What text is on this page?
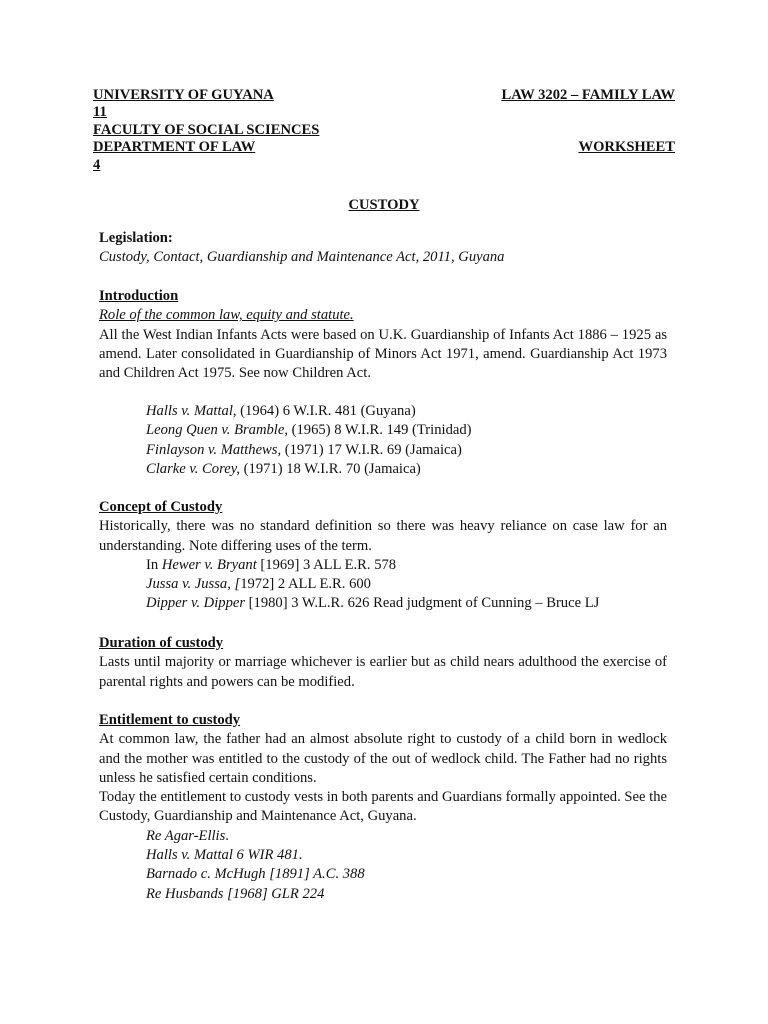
UNIVERSITY OF GUYANA	LAW 3202 – FAMILY LAW
11
FACULTY OF SOCIAL SCIENCES
DEPARTMENT OF LAW	WORKSHEET
4
CUSTODY

Legislation:

Custody, Contact, Guardianship and Maintenance Act, 2011, Guyana

Introduction

Role of the common law, equity and statute.

All the West Indian Infants Acts were based on U.K. Guardianship of Infants Act 1886 – 1925 as amend. Later consolidated in Guardianship of Minors Act 1971, amend. Guardianship Act 1973 and Children Act 1975. See now Children Act.

Halls v. Mattal, (1964) 6 W.I.R. 481 (Guyana)

Leong Quen v. Bramble, (1965) 8 W.I.R. 149 (Trinidad)

Finlayson v. Matthews, (1971) 17 W.I.R. 69 (Jamaica)

Clarke v. Corey, (1971) 18 W.I.R. 70 (Jamaica)

Concept of Custody

Historically, there was no standard definition so there was heavy reliance on case law for an understanding. Note differing uses of the term.

In Hewer v. Bryant [1969] 3 ALL E.R. 578

Jussa v. Jussa, [1972] 2 ALL E.R. 600

Dipper v. Dipper [1980] 3 W.L.R. 626 Read judgment of Cunning – Bruce LJ

Duration of custody

Lasts until majority or marriage whichever is earlier but as child nears adulthood the exercise of parental rights and powers can be modified.

Entitlement to custody

At common law, the father had an almost absolute right to custody of a child born in wedlock and the mother was entitled to the custody of the out of wedlock child. The Father had no rights unless he satisfied certain conditions.

Today the entitlement to custody vests in both parents and Guardians formally appointed. See the Custody, Guardianship and Maintenance Act, Guyana.

Re Agar-Ellis.

Halls v. Mattal 6 WIR 481.

Barnado c. McHugh [1891] A.C. 388

Re Husbands [1968] GLR 224
